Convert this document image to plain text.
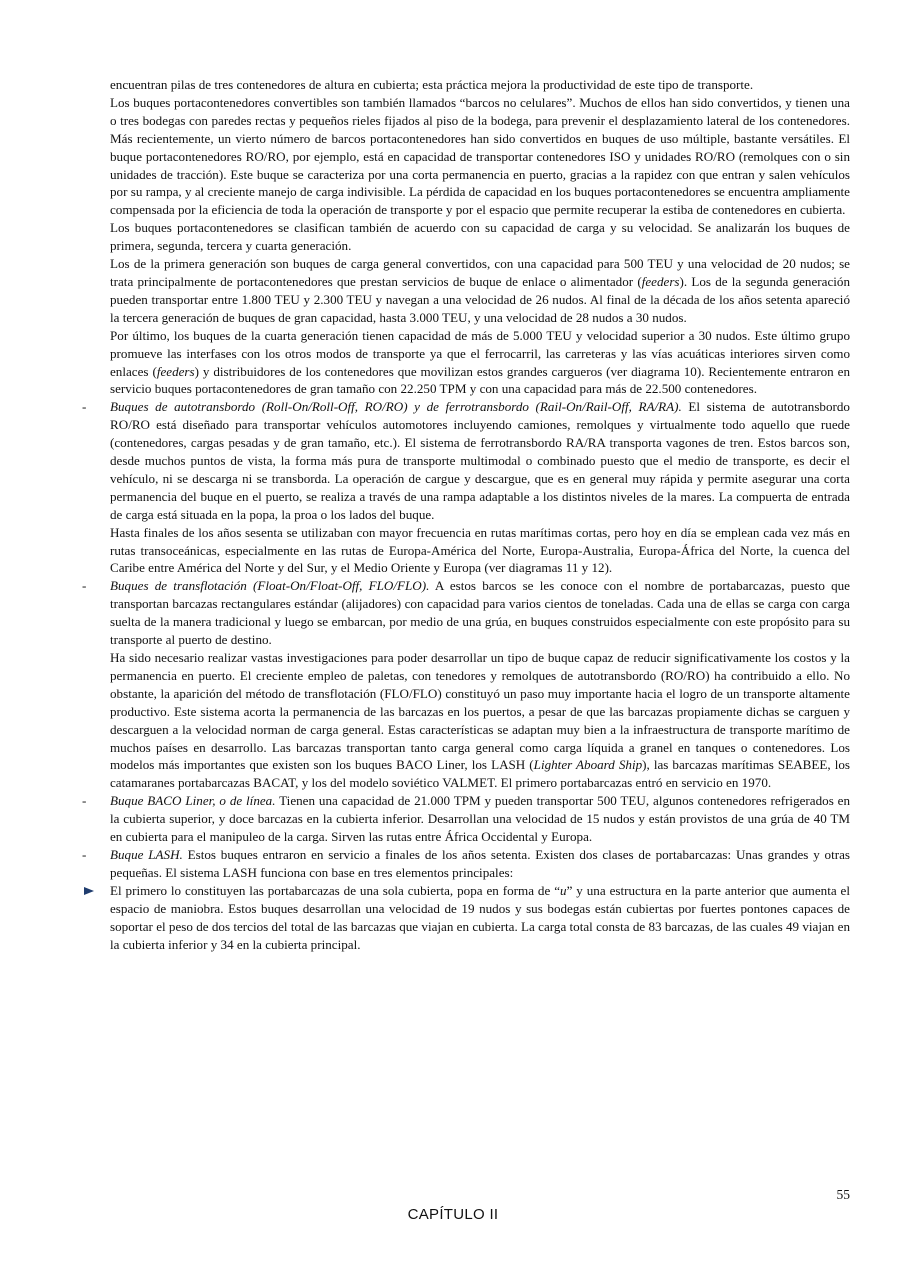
encuentran pilas de tres contenedores de altura en cubierta; esta práctica mejora la productividad de este tipo de transporte.

Los buques portacontenedores convertibles son también llamados “barcos no celulares”. Muchos de ellos han sido convertidos, y tienen una o tres bodegas con paredes rectas y pequeños rieles fijados al piso de la bodega, para prevenir el desplazamiento lateral de los contenedores. Más recientemente, un vierto número de barcos portacontenedores han sido convertidos en buques de uso múltiple, bastante versátiles. El buque portacontenedores RO/RO, por ejemplo, está en capacidad de transportar contenedores ISO y unidades RO/RO (remolques con o sin unidades de tracción). Este buque se caracteriza por una corta permanencia en puerto, gracias a la rapidez con que entran y salen vehículos por su rampa, y al creciente manejo de carga indivisible. La pérdida de capacidad en los buques portacontenedores se encuentra ampliamente compensada por la eficiencia de toda la operación de transporte y por el espacio que permite recuperar la estiba de contenedores en cubierta.

Los buques portacontenedores se clasifican también de acuerdo con su capacidad de carga y su velocidad. Se analizarán los buques de primera, segunda, tercera y cuarta generación.

Los de la primera generación son buques de carga general convertidos, con una capacidad para 500 TEU y una velocidad de 20 nudos; se trata principalmente de portacontenedores que prestan servicios de buque de enlace o alimentador (feeders). Los de la segunda generación pueden transportar entre 1.800 TEU y 2.300 TEU y navegan a una velocidad de 26 nudos. Al final de la década de los años setenta apareció la tercera generación de buques de gran capacidad, hasta 3.000 TEU, y una velocidad de 28 nudos a 30 nudos.

Por último, los buques de la cuarta generación tienen capacidad de más de 5.000 TEU y velocidad superior a 30 nudos. Este último grupo promueve las interfases con los otros modos de transporte ya que el ferrocarril, las carreteras y las vías acuáticas interiores sirven como enlaces (feeders) y distribuidores de los contenedores que movilizan estos grandes cargueros (ver diagrama 10). Recientemente entraron en servicio buques portacontenedores de gran tamaño con 22.250 TPM y con una capacidad para más de 22.500 contenedores.

- Buques de autotransbordo (Roll-On/Roll-Off, RO/RO) y de ferrotransbordo (Rail-On/Rail-Off, RA/RA). El sistema de autotransbordo RO/RO está diseñado para transportar vehículos automotores incluyendo camiones, remolques y virtualmente todo aquello que ruede (contenedores, cargas pesadas y de gran tamaño, etc.). El sistema de ferrotransbordo RA/RA transporta vagones de tren. Estos barcos son, desde muchos puntos de vista, la forma más pura de transporte multimodal o combinado puesto que el medio de transporte, es decir el vehículo, ni se descarga ni se transborda. La operación de cargue y descargue, que es en general muy rápida y permite asegurar una corta permanencia del buque en el puerto, se realiza a través de una rampa adaptable a los distintos niveles de la mares. La compuerta de entrada de carga está situada en la popa, la proa o los lados del buque.

Hasta finales de los años sesenta se utilizaban con mayor frecuencia en rutas marítimas cortas, pero hoy en día se emplean cada vez más en rutas transoceánicas, especialmente en las rutas de Europa-América del Norte, Europa-Australia, Europa-África del Norte, la cuenca del Caribe entre América del Norte y del Sur, y el Medio Oriente y Europa (ver diagramas 11 y 12).

- Buques de transflotación (Float-On/Float-Off, FLO/FLO). A estos barcos se les conoce con el nombre de portabarcazas, puesto que transportan barcazas rectangulares estándar (alijadores) con capacidad para varios cientos de toneladas. Cada una de ellas se carga con carga suelta de la manera tradicional y luego se embarcan, por medio de una grúa, en buques construidos especialmente con este propósito para su transporte al puerto de destino.

Ha sido necesario realizar vastas investigaciones para poder desarrollar un tipo de buque capaz de reducir significativamente los costos y la permanencia en puerto. El creciente empleo de paletas, con tenedores y remolques de autotransbordo (RO/RO) ha contribuido a ello. No obstante, la aparición del método de transflotación (FLO/FLO) constituyó un paso muy importante hacia el logro de un transporte altamente productivo. Este sistema acorta la permanencia de las barcazas en los puertos, a pesar de que las barcazas propiamente dichas se carguen y descarguen a la velocidad norman de carga general. Estas características se adaptan muy bien a la infraestructura de transporte marítimo de muchos países en desarrollo. Las barcazas transportan tanto carga general como carga líquida a granel en tanques o contenedores. Los modelos más importantes que existen son los buques BACO Liner, los LASH (Lighter Aboard Ship), las barcazas marítimas SEABEE, los catamaranes portabarcazas BACAT, y los del modelo soviético VALMET. El primero portabarcazas entró en servicio en 1970.

- Buque BACO Liner, o de línea. Tienen una capacidad de 21.000 TPM y pueden transportar 500 TEU, algunos contenedores refrigerados en la cubierta superior, y doce barcazas en la cubierta inferior. Desarrollan una velocidad de 15 nudos y están provistos de una grúa de 40 TM en cubierta para el manipuleo de la carga. Sirven las rutas entre África Occidental y Europa.

- Buque LASH. Estos buques entraron en servicio a finales de los años setenta. Existen dos clases de portabarcazas: Unas grandes y otras pequeñas. El sistema LASH funciona con base en tres elementos principales:

El primero lo constituyen las portabarcazas de una sola cubierta, popa en forma de “u” y una estructura en la parte anterior que aumenta el espacio de maniobra. Estos buques desarrollan una velocidad de 19 nudos y sus bodegas están cubiertas por fuertes pontones capaces de soportar el peso de dos tercios del total de las barcazas que viajan en cubierta. La carga total consta de 83 barcazas, de las cuales 49 viajan en la cubierta inferior y 34 en la cubierta principal.

55
CAPÍTULO II
